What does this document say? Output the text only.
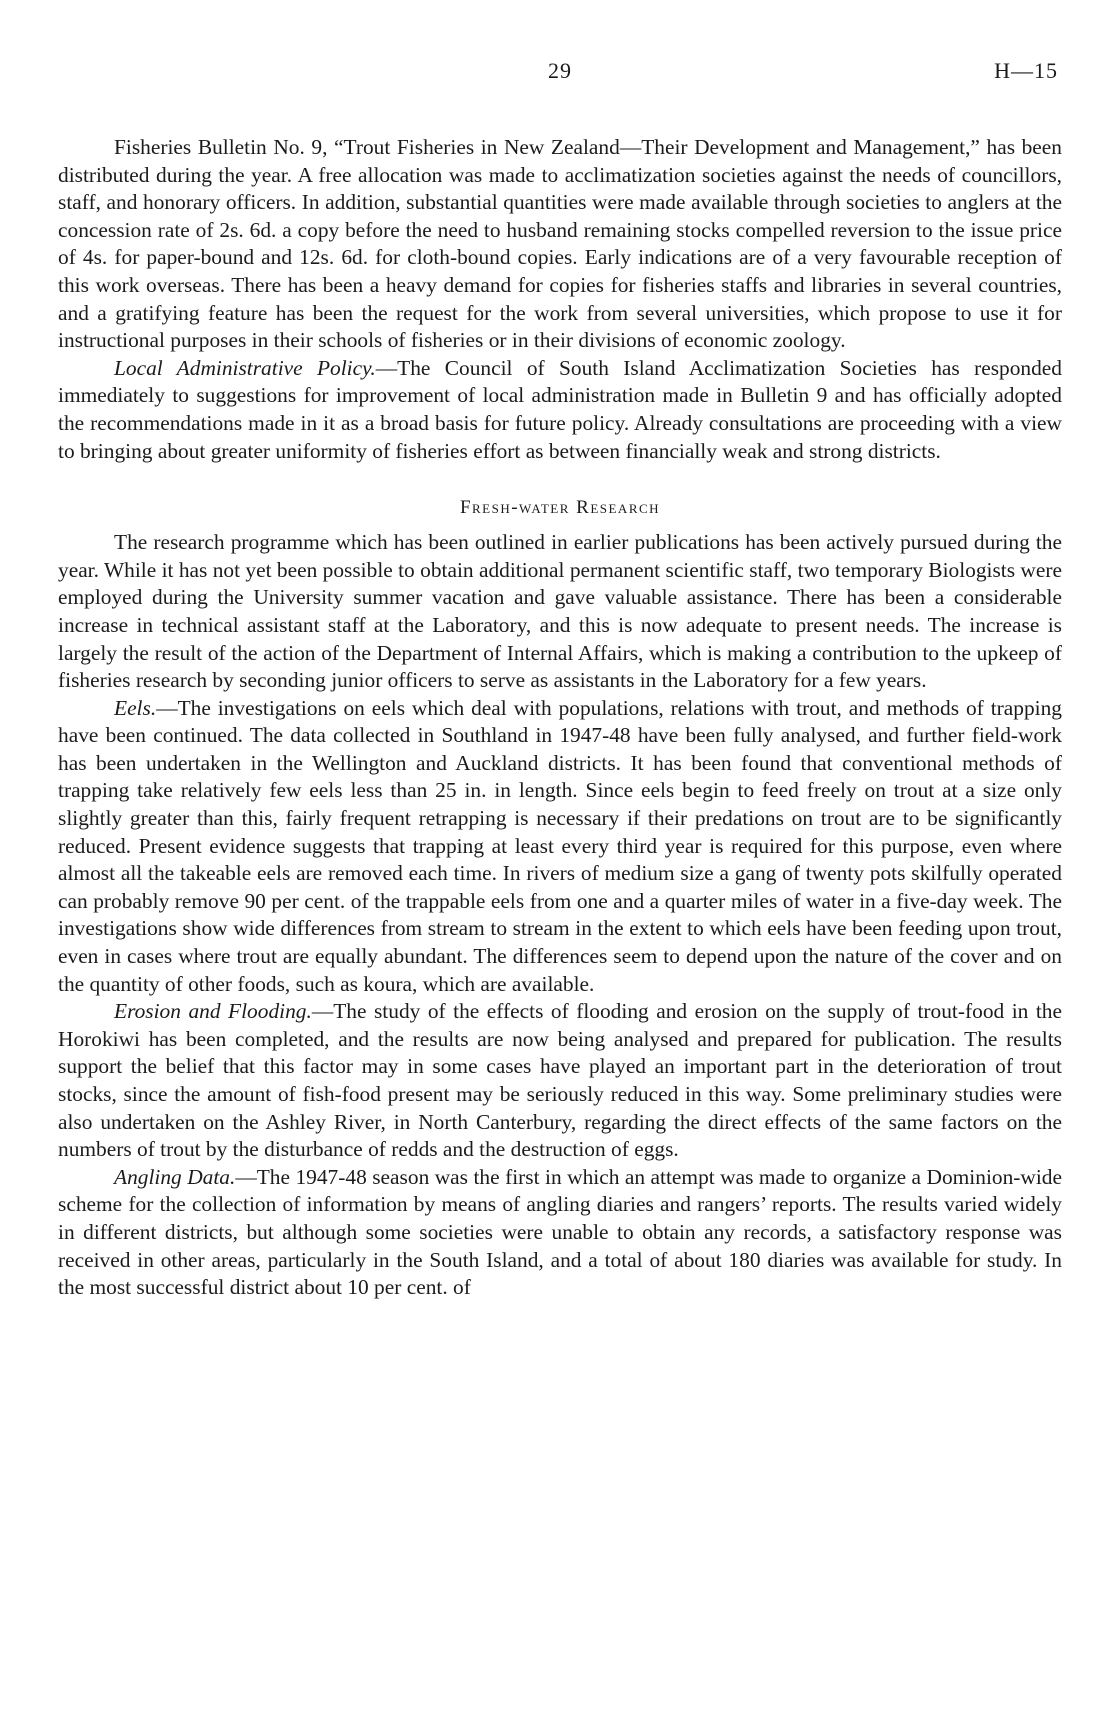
29	H—15

Fisheries Bulletin No. 9, “Trout Fisheries in New Zealand—Their Development and Management,” has been distributed during the year. A free allocation was made to acclimatization societies against the needs of councillors, staff, and honorary officers. In addition, substantial quantities were made available through societies to anglers at the concession rate of 2s. 6d. a copy before the need to husband remaining stocks compelled reversion to the issue price of 4s. for paper-bound and 12s. 6d. for cloth-bound copies. Early indications are of a very favourable reception of this work overseas. There has been a heavy demand for copies for fisheries staffs and libraries in several countries, and a gratifying feature has been the request for the work from several universities, which propose to use it for instructional purposes in their schools of fisheries or in their divisions of economic zoology.

Local Administrative Policy.—The Council of South Island Acclimatization Societies has responded immediately to suggestions for improvement of local administration made in Bulletin 9 and has officially adopted the recommendations made in it as a broad basis for future policy. Already consultations are proceeding with a view to bringing about greater uniformity of fisheries effort as between financially weak and strong districts.

Fresh-water Research

The research programme which has been outlined in earlier publications has been actively pursued during the year. While it has not yet been possible to obtain additional permanent scientific staff, two temporary Biologists were employed during the University summer vacation and gave valuable assistance. There has been a considerable increase in technical assistant staff at the Laboratory, and this is now adequate to present needs. The increase is largely the result of the action of the Department of Internal Affairs, which is making a contribution to the upkeep of fisheries research by seconding junior officers to serve as assistants in the Laboratory for a few years.

Eels.—The investigations on eels which deal with populations, relations with trout, and methods of trapping have been continued. The data collected in Southland in 1947-48 have been fully analysed, and further field-work has been undertaken in the Wellington and Auckland districts. It has been found that conventional methods of trapping take relatively few eels less than 25 in. in length. Since eels begin to feed freely on trout at a size only slightly greater than this, fairly frequent retrapping is necessary if their predations on trout are to be significantly reduced. Present evidence suggests that trapping at least every third year is required for this purpose, even where almost all the takeable eels are removed each time. In rivers of medium size a gang of twenty pots skilfully operated can probably remove 90 per cent. of the trappable eels from one and a quarter miles of water in a five-day week. The investigations show wide differences from stream to stream in the extent to which eels have been feeding upon trout, even in cases where trout are equally abundant. The differences seem to depend upon the nature of the cover and on the quantity of other foods, such as koura, which are available.

Erosion and Flooding.—The study of the effects of flooding and erosion on the supply of trout-food in the Horokiwi has been completed, and the results are now being analysed and prepared for publication. The results support the belief that this factor may in some cases have played an important part in the deterioration of trout stocks, since the amount of fish-food present may be seriously reduced in this way. Some preliminary studies were also undertaken on the Ashley River, in North Canterbury, regarding the direct effects of the same factors on the numbers of trout by the disturbance of redds and the destruction of eggs.

Angling Data.—The 1947-48 season was the first in which an attempt was made to organize a Dominion-wide scheme for the collection of information by means of angling diaries and rangers’ reports. The results varied widely in different districts, but although some societies were unable to obtain any records, a satisfactory response was received in other areas, particularly in the South Island, and a total of about 180 diaries was available for study. In the most successful district about 10 per cent. of
